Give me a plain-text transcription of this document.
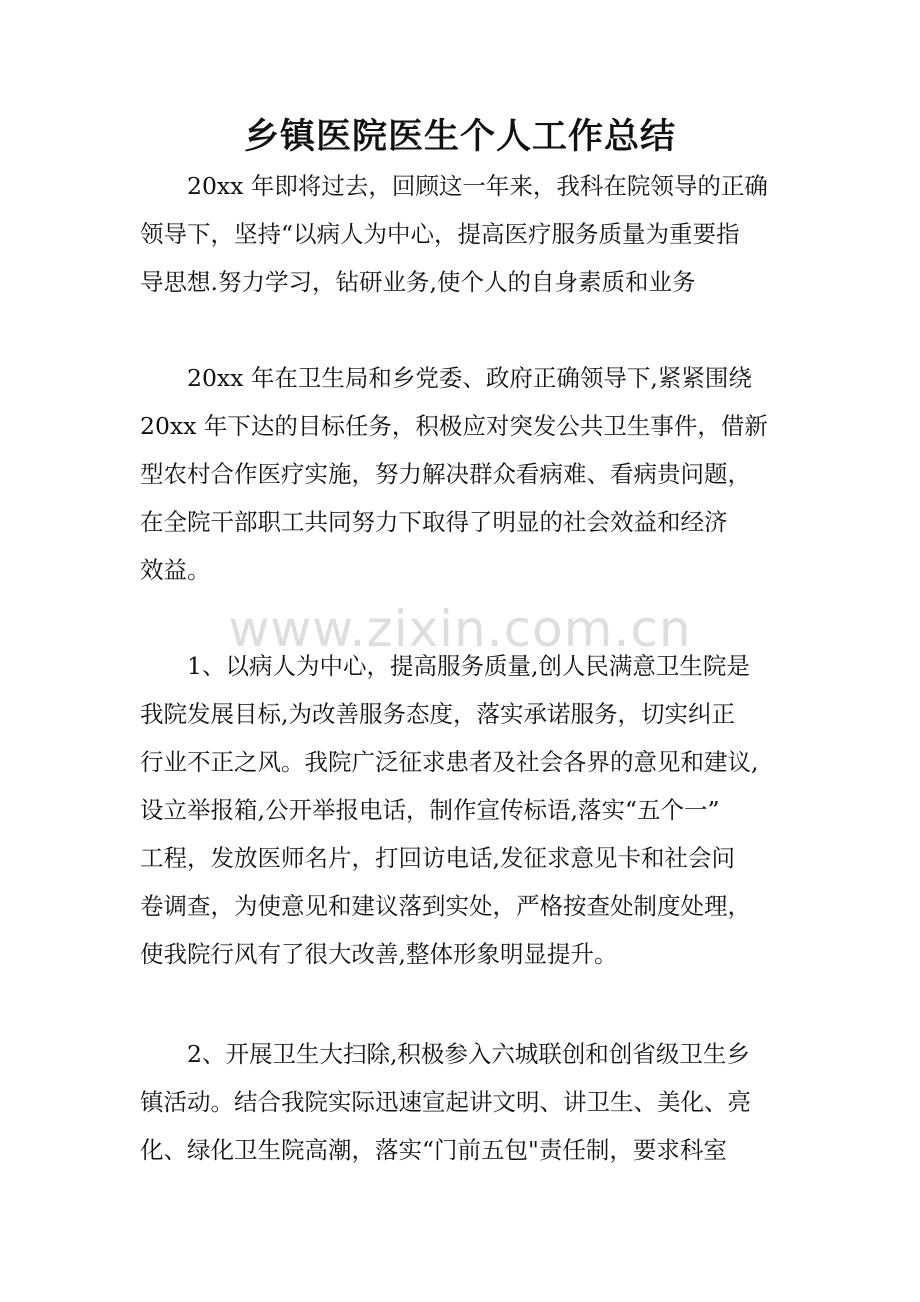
乡镇医院医生个人工作总结
www.zixin.com.cn

20xx 年即将过去，回顾这一年来，我科在院领导的正确
领导下，坚持“以病人为中心，提高医疗服务质量为重要指
导思想.努力学习，钻研业务,使个人的自身素质和业务

20xx 年在卫生局和乡党委、政府正确领导下,紧紧围绕
20xx 年下达的目标任务，积极应对突发公共卫生事件，借新
型农村合作医疗实施，努力解决群众看病难、看病贵问题，
在全院干部职工共同努力下取得了明显的社会效益和经济
效益。

1、以病人为中心，提高服务质量,创人民满意卫生院是
我院发展目标,为改善服务态度，落实承诺服务，切实纠正
行业不正之风。我院广泛征求患者及社会各界的意见和建议,
设立举报箱,公开举报电话，制作宣传标语,落实“五个一”
工程，发放医师名片，打回访电话,发征求意见卡和社会问
卷调查，为使意见和建议落到实处，严格按查处制度处理，
使我院行风有了很大改善,整体形象明显提升。

2、开展卫生大扫除,积极参入六城联创和创省级卫生乡
镇活动。结合我院实际迅速宣起讲文明、讲卫生、美化、亮
化、绿化卫生院高潮，落实“门前五包"责任制，要求科室
